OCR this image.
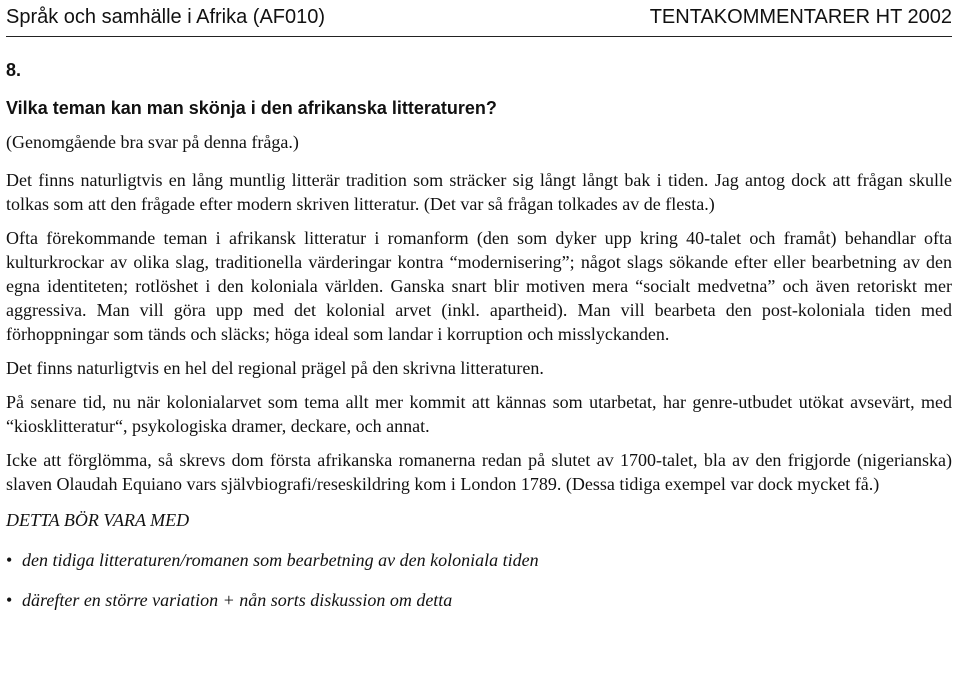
Språk och samhälle i Afrika (AF010)	TENTAKOMMENTARER HT 2002
8.
Vilka teman kan man skönja i den afrikanska litteraturen?

(Genomgående bra svar på denna fråga.)

Det finns naturligtvis en lång muntlig litterär tradition som sträcker sig långt långt bak i tiden. Jag antog dock att frågan skulle tolkas som att den frågade efter modern skriven litteratur. (Det var så frågan tolkades av de flesta.)

Ofta förekommande teman i afrikansk litteratur i romanform (den som dyker upp kring 40-talet och framåt) behandlar ofta kulturkrockar av olika slag, traditionella värderingar kontra “modernisering”; något slags sökande efter eller bearbetning av den egna identiteten; rotlöshet i den koloniala världen. Ganska snart blir motiven mera “socialt medvetna” och även retoriskt mer aggressiva. Man vill göra upp med det kolonial arvet (inkl. apartheid). Man vill bearbeta den post-koloniala tiden med förhoppningar som tänds och släcks; höga ideal som landar i korruption och misslyckanden.

Det finns naturligtvis en hel del regional prägel på den skrivna litteraturen.

På senare tid, nu när kolonialarvet som tema allt mer kommit att kännas som utarbetat, har genre-utbudet utökat avsevärt, med “kiosklitteratur“, psykologiska dramer, deckare, och annat.

Icke att förglömma, så skrevs dom första afrikanska romanerna redan på slutet av 1700-talet, bla av den frigjorde (nigerianska) slaven Olaudah Equiano vars självbiografi/reseskildring kom i London 1789. (Dessa tidiga exempel var dock mycket få.)

DETTA BÖR VARA MED

• den tidiga litteraturen/romanen som bearbetning av den koloniala tiden
• därefter en större variation + nån sorts diskussion om detta
